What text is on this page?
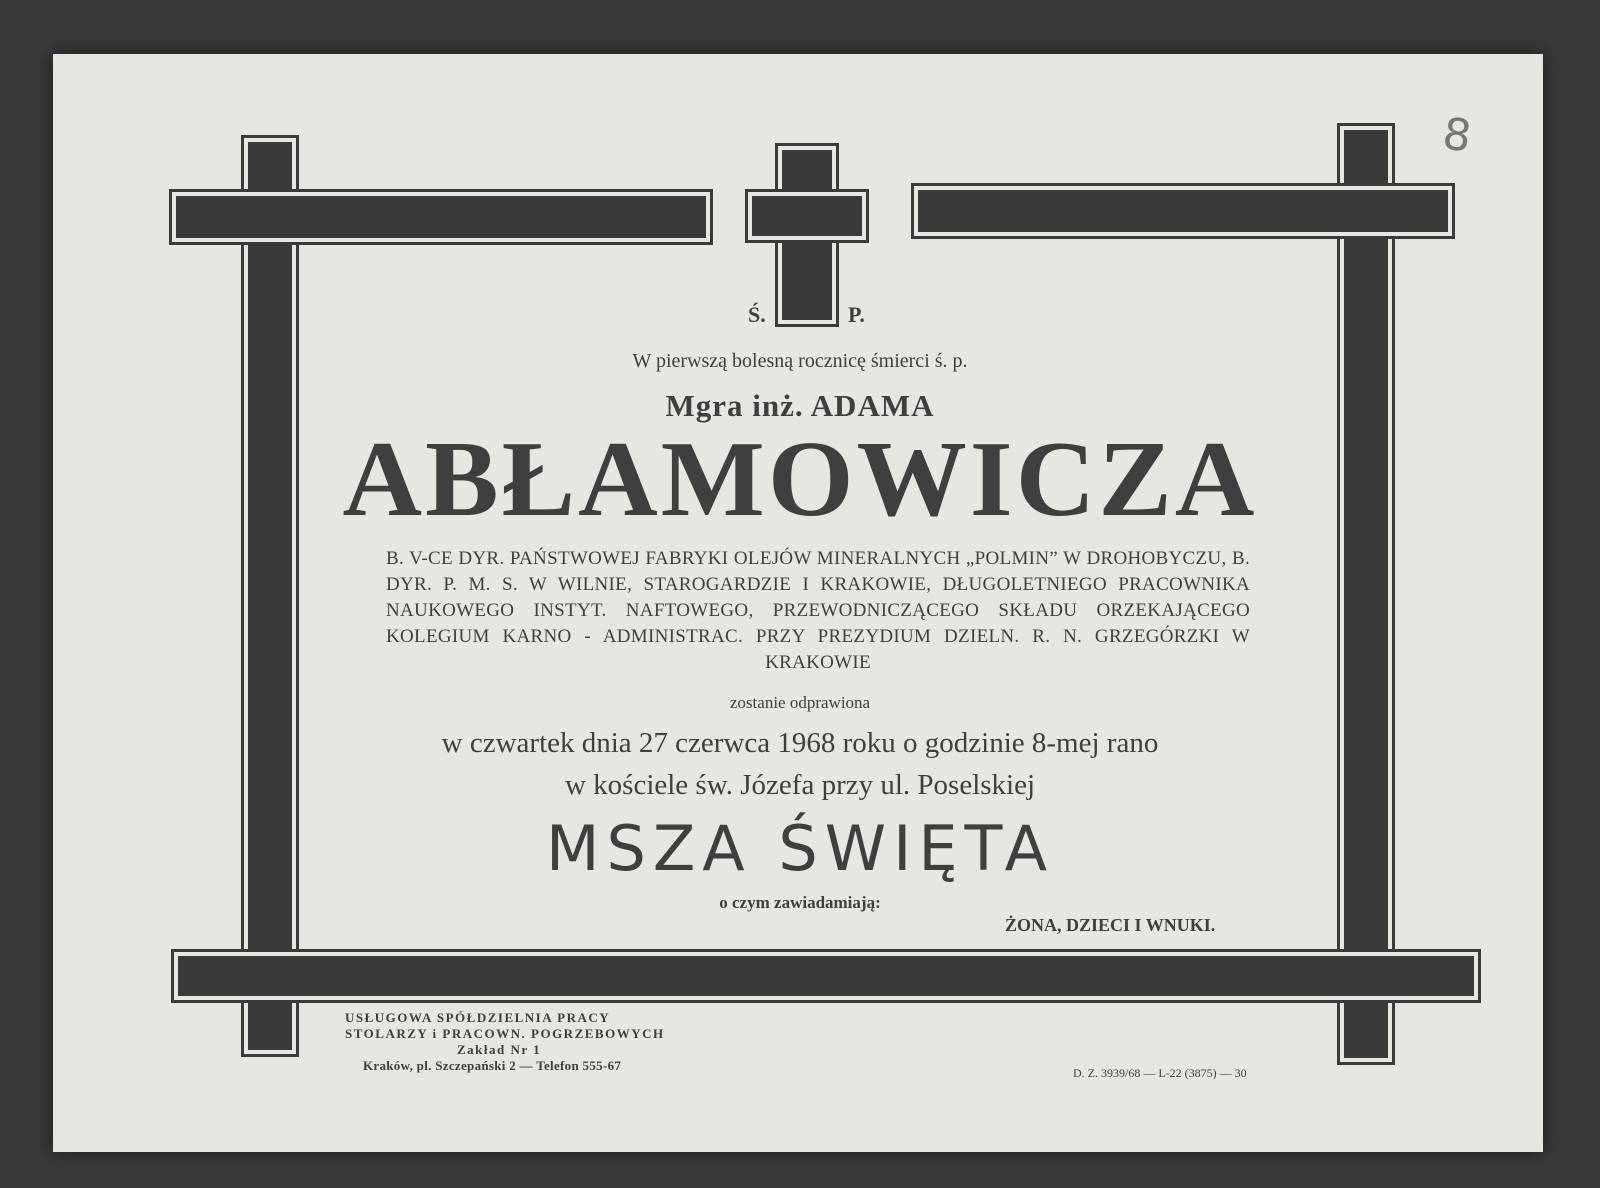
8
Ś.	P.
W pierwszą bolesną rocznicę śmierci ś. p.
Mgra inż. ADAMA
ABŁAMOWICZA
B. V-CE DYR. PAŃSTWOWEJ FABRYKI OLEJÓW MINERALNYCH „POLMIN” W DROHOBYCZU, B. DYR. P. M. S. W WILNIE, STAROGARDZIE I KRAKOWIE, DŁUGOLETNIEGO PRACOWNIKA NAUKOWEGO INSTYT. NAFTOWEGO, PRZEWODNICZĄCEGO SKŁADU ORZEKAJĄCEGO KOLEGIUM KARNO - ADMINISTRAC. PRZY PREZYDIUM DZIELN. R. N. GRZEGÓRZKI W KRAKOWIE
zostanie odprawiona
w czwartek dnia 27 czerwca 1968 roku o godzinie 8-mej rano
w kościele św. Józefa przy ul. Poselskiej
MSZA ŚWIĘTA
o czym zawiadamiają:
ŻONA, DZIECI I WNUKI.
USŁUGOWA SPÓŁDZIELNIA PRACY
STOLARZY i PRACOWN. POGRZEBOWYCH
Zakład Nr 1
Kraków, pl. Szczepański 2 — Telefon 555-67	D. Z. 3939/68 — L-22 (3875) — 30
